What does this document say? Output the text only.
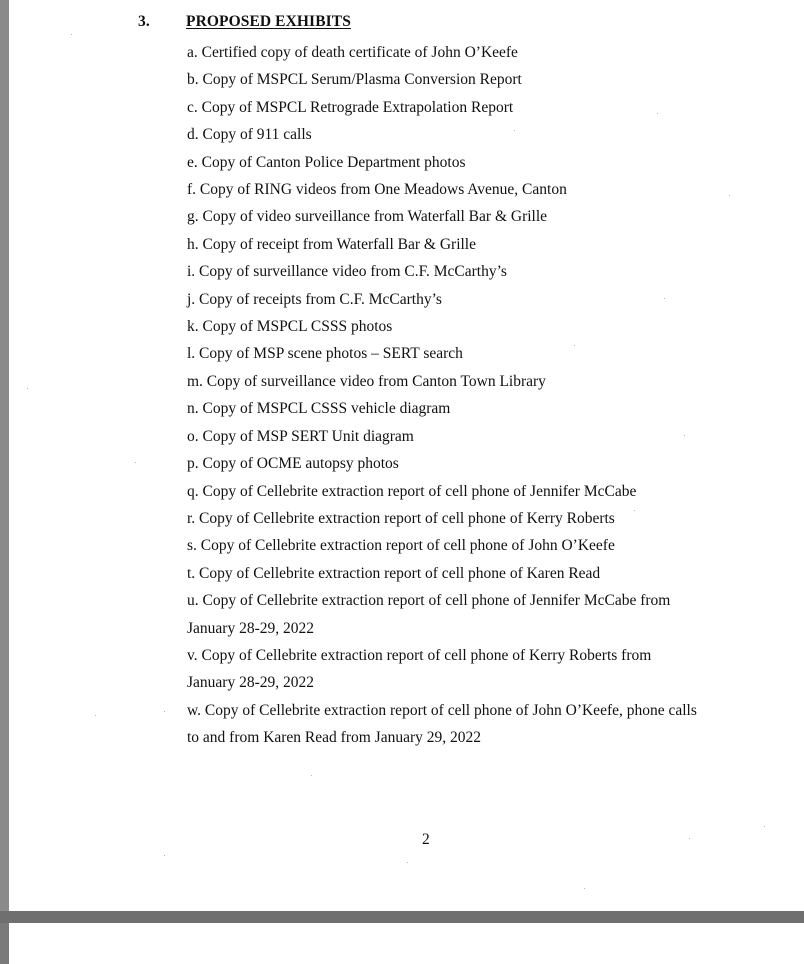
3. PROPOSED EXHIBITS
a. Certified copy of death certificate of John O’Keefe
b. Copy of MSPCL Serum/Plasma Conversion Report
c. Copy of MSPCL Retrograde Extrapolation Report
d. Copy of 911 calls
e. Copy of Canton Police Department photos
f. Copy of RING videos from One Meadows Avenue, Canton
g. Copy of video surveillance from Waterfall Bar & Grille
h. Copy of receipt from Waterfall Bar & Grille
i. Copy of surveillance video from C.F. McCarthy’s
j. Copy of receipts from C.F. McCarthy’s
k. Copy of MSPCL CSSS photos
l. Copy of MSP scene photos – SERT search
m. Copy of surveillance video from Canton Town Library
n. Copy of MSPCL CSSS vehicle diagram
o. Copy of MSP SERT Unit diagram
p. Copy of OCME autopsy photos
q. Copy of Cellebrite extraction report of cell phone of Jennifer McCabe
r. Copy of Cellebrite extraction report of cell phone of Kerry Roberts
s. Copy of Cellebrite extraction report of cell phone of John O’Keefe
t. Copy of Cellebrite extraction report of cell phone of Karen Read
u. Copy of Cellebrite extraction report of cell phone of Jennifer McCabe from
January 28-29, 2022
v. Copy of Cellebrite extraction report of cell phone of Kerry Roberts from
January 28-29, 2022
w. Copy of Cellebrite extraction report of cell phone of John O’Keefe, phone calls
to and from Karen Read from January 29, 2022
2
